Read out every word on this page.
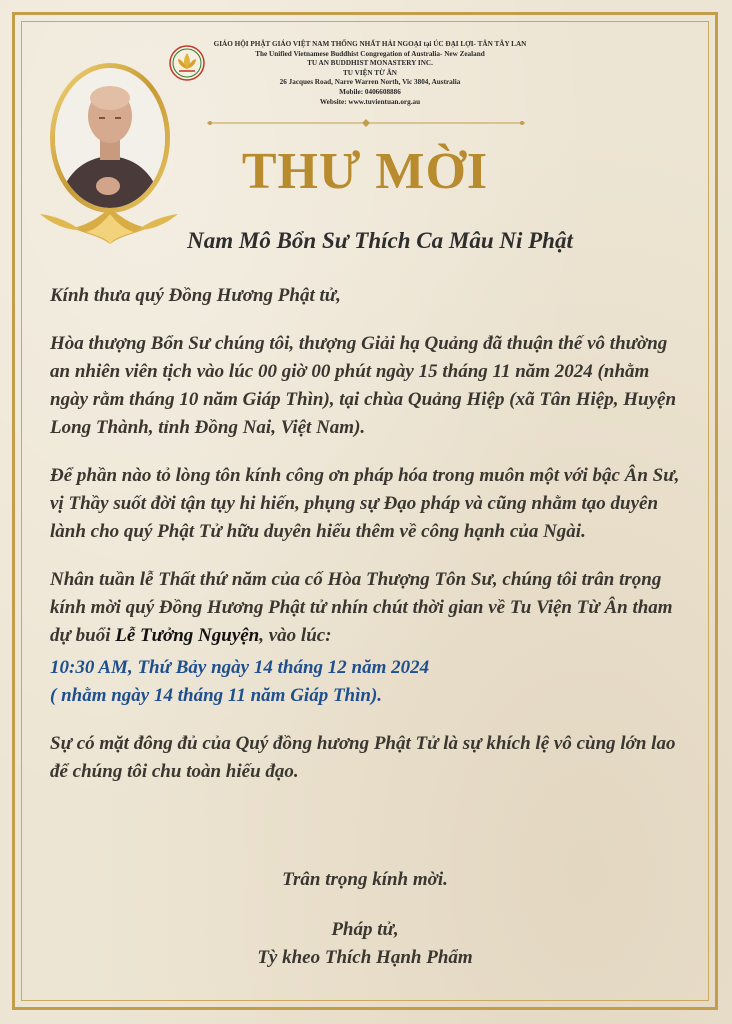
GIÁO HỘI PHẬT GIÁO VIỆT NAM THỐNG NHẤT HẢI NGOẠI tại ÚC ĐẠI LỢI- TÂN TÂY LAN
The Unified Vietnamese Buddhist Congregation of Australia- New Zealand
TU AN BUDDHIST MONASTERY INC.
TU VIỆN TỪ ÂN
26 Jacques Road, Narre Warren North, Vic 3804, Australia
Mobile: 0406608886
Website: www.tuvientuan.org.au
THƯ MỜI
Nam Mô Bổn Sư Thích Ca Mâu Ni Phật

Kính thưa quý Đồng Hương Phật tử,

Hòa thượng Bổn Sư chúng tôi, thượng Giải hạ Quảng đã thuận thế vô thường an nhiên viên tịch vào lúc 00 giờ 00 phút ngày 15 tháng 11 năm 2024 (nhằm ngày rằm tháng 10 năm Giáp Thìn), tại chùa Quảng Hiệp (xã Tân Hiệp, Huyện Long Thành, tỉnh Đồng Nai, Việt Nam).

Để phần nào tỏ lòng tôn kính công ơn pháp hóa trong muôn một với bậc Ân Sư, vị Thầy suốt đời tận tụy hi hiến, phụng sự Đạo pháp và cũng nhằm tạo duyên lành cho quý Phật Tử hữu duyên hiểu thêm về công hạnh của Ngài.

Nhân tuần lễ Thất thứ năm của cố Hòa Thượng Tôn Sư, chúng tôi trân trọng kính mời quý Đồng Hương Phật tử nhín chút thời gian về Tu Viện Từ Ân tham dự buổi Lễ Tưởng Nguyện, vào lúc:

10:30 AM, Thứ Bảy ngày 14 tháng 12 năm 2024
( nhằm ngày 14 tháng 11 năm Giáp Thìn).

Sự có mặt đông đủ của Quý đồng hương Phật Tử là sự khích lệ vô cùng lớn lao để chúng tôi chu toàn hiếu đạo.

Trân trọng kính mời.

Pháp tử,

Tỳ kheo Thích Hạnh Phẩm
